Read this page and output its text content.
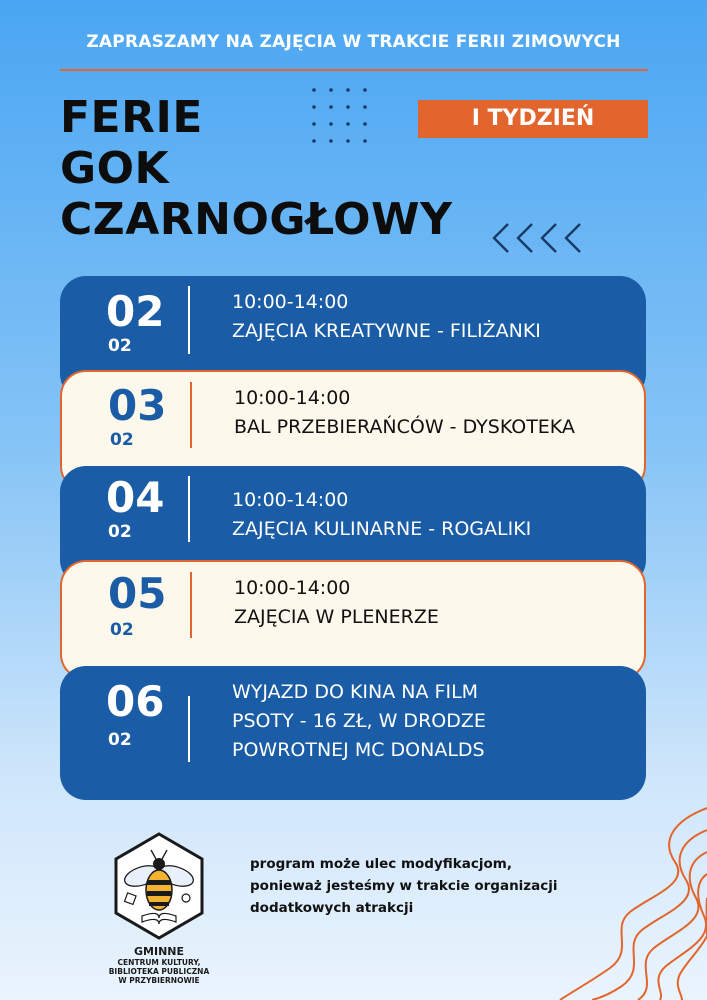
ZAPRASZAMY NA ZAJĘCIA W TRAKCIE FERII ZIMOWYCH
FERIE
GOK
CZARNOGŁOWY
I TYDZIEŃ
02
02
10:00-14:00
ZAJĘCIA KREATYWNE - FILIŻANKI
03
02
10:00-14:00
BAL PRZEBIERAŃCÓW - DYSKOTEKA
04
02
10:00-14:00
ZAJĘCIA KULINARNE - ROGALIKI
05
02
10:00-14:00
ZAJĘCIA W PLENERZE
06
02
WYJAZD DO KINA NA FILM
PSOTY - 16 ZŁ, W DRODZE
POWROTNEJ MC DONALDS
GMINNE
CENTRUM KULTURY,
BIBLIOTEKA PUBLICZNA
W PRZYBIERNOWIE
program może ulec modyfikacjom,
ponieważ jesteśmy w trakcie organizacji
dodatkowych atrakcji
